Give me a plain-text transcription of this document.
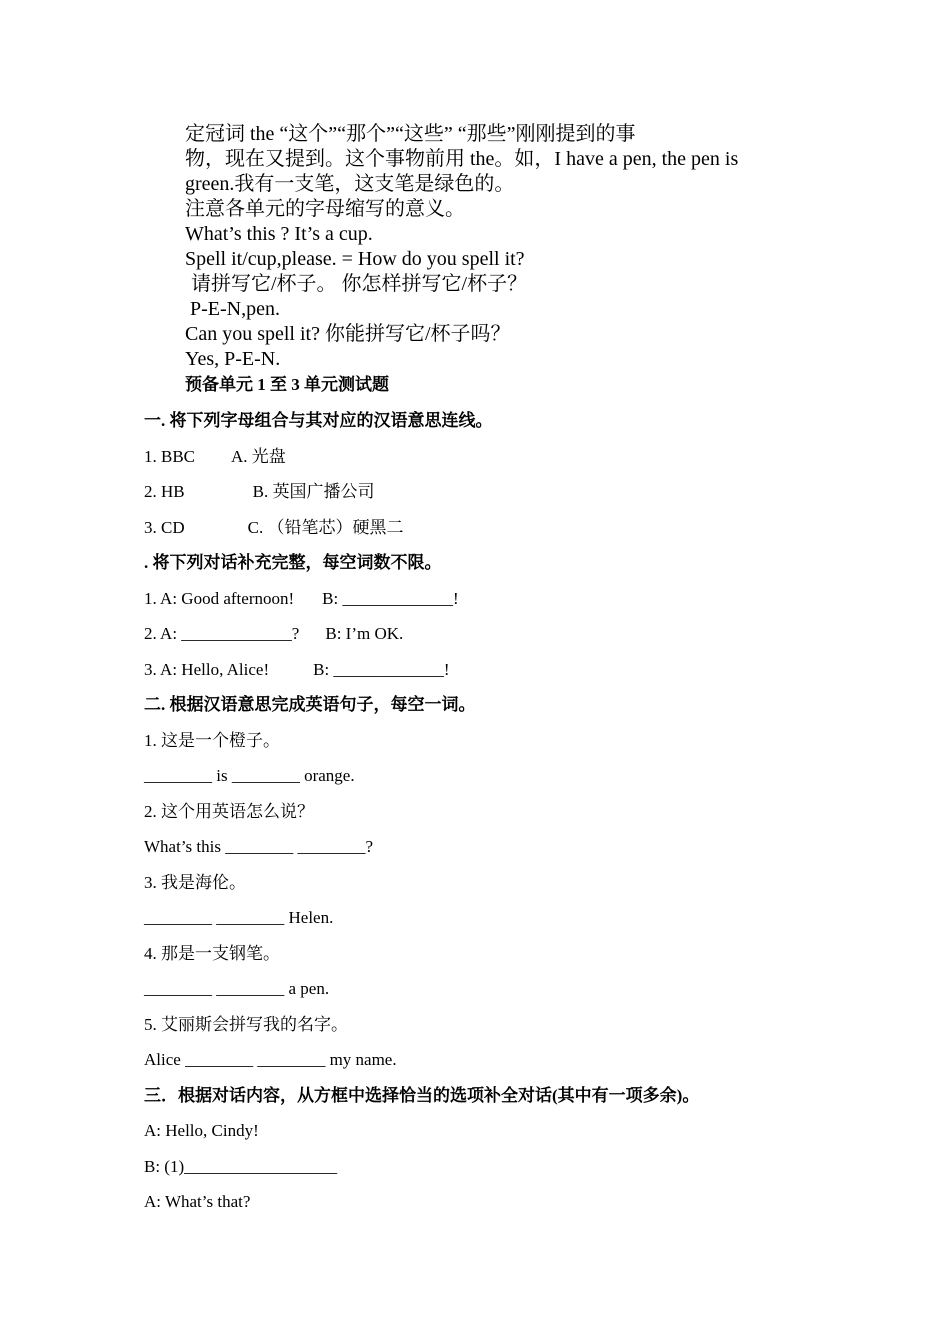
定冠词 the “这个”“那个”“这些” “那些”刚刚提到的事
物，现在又提到。这个事物前用 the。如，I have a pen, the pen is
green.我有一支笔，这支笔是绿色的。
注意各单元的字母缩写的意义。
What’s this ? It’s a cup.
Spell it/cup,please. = How do you spell it?
请拼写它/杯子。 你怎样拼写它/杯子？
P-E-N,pen.
Can you spell it? 你能拼写它/杯子吗？
Yes, P-E-N.
预备单元 1 至 3 单元测试题
一. 将下列字母组合与其对应的汉语意思连线。
1. BBC A. 光盘
2. HB	B. 英国广播公司
3. CD	C. （铅笔芯）硬黑二
. 将下列对话补充完整，每空词数不限。
1. A: Good afternoon! B: _____________!
2. A: _____________? B: I’m OK.
3. A: Hello, Alice!	B: _____________!
二. 根据汉语意思完成英语句子，每空一词。
1. 这是一个橙子。
________ is ________ orange.
2. 这个用英语怎么说？
What’s this ________ ________?
3. 我是海伦。
________ ________ Helen.
4. 那是一支钢笔。
________ ________ a pen.
5. 艾丽斯会拼写我的名字。
Alice ________ ________ my name.
三．根据对话内容，从方框中选择恰当的选项补全对话(其中有一项多余)。
A: Hello, Cindy!
B: (1)__________________
A: What’s that?
